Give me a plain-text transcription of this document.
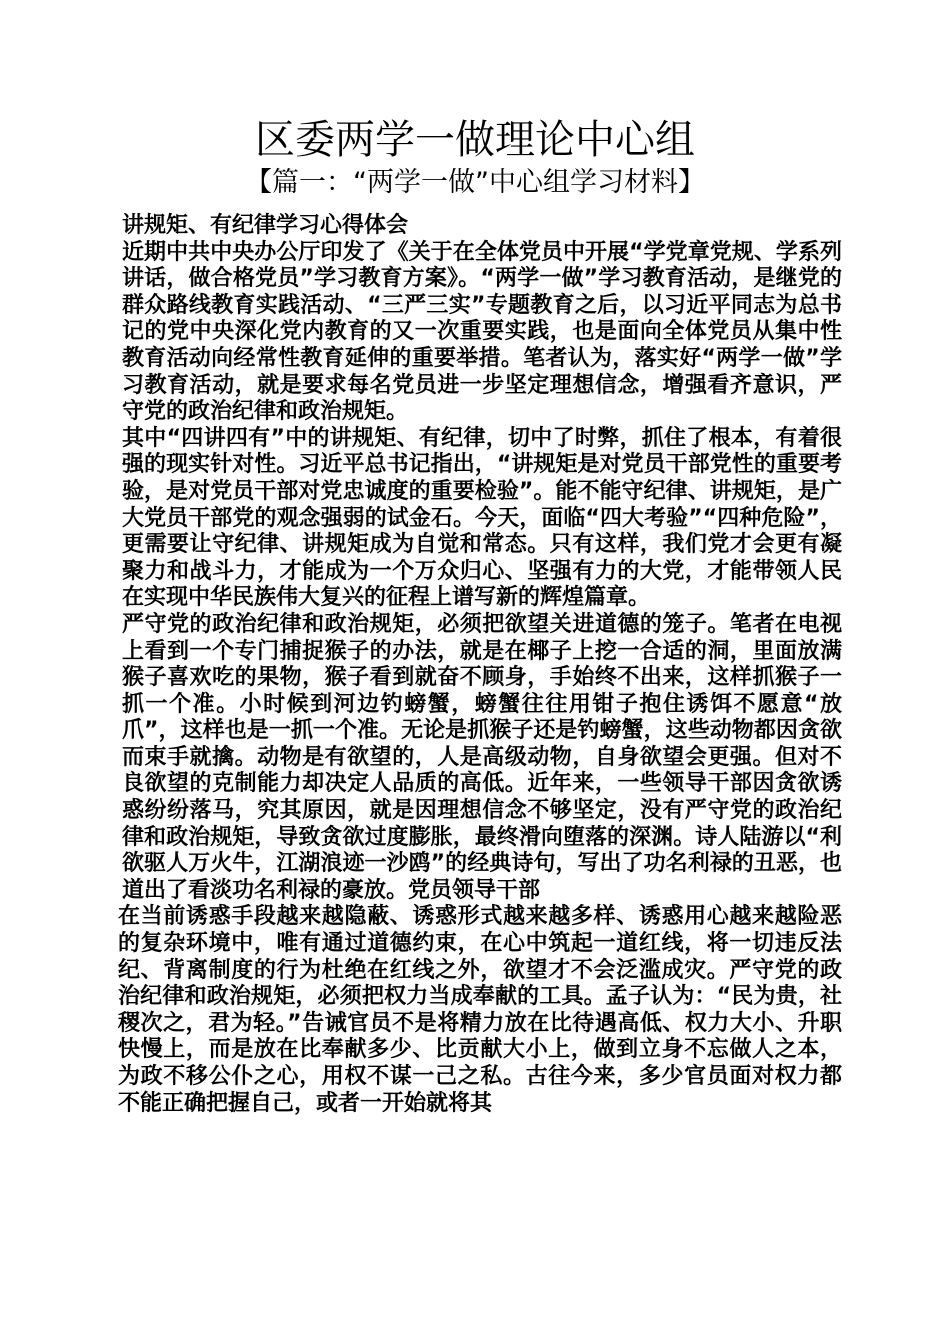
区委两学一做理论中心组
【篇一：“两学一做”中心组学习材料】

讲规矩、有纪律学习心得体会

近期中共中央办公厅印发了《关于在全体党员中开展“学党章党规、学系列讲话，做合格党员”学习教育方案》。“两学一做”学习教育活动，是继党的群众路线教育实践活动、“三严三实”专题教育之后，以习近平同志为总书记的党中央深化党内教育的又一次重要实践，也是面向全体党员从集中性教育活动向经常性教育延伸的重要举措。笔者认为，落实好“两学一做”学习教育活动，就是要求每名党员进一步坚定理想信念，增强看齐意识，严守党的政治纪律和政治规矩。

其中“四讲四有”中的讲规矩、有纪律，切中了时弊，抓住了根本，有着很强的现实针对性。习近平总书记指出，“讲规矩是对党员干部党性的重要考验，是对党员干部对党忠诚度的重要检验”。能不能守纪律、讲规矩，是广大党员干部党的观念强弱的试金石。今天，面临“四大考验”“四种危险”，更需要让守纪律、讲规矩成为自觉和常态。只有这样，我们党才会更有凝聚力和战斗力，才能成为一个万众归心、坚强有力的大党，才能带领人民在实现中华民族伟大复兴的征程上谱写新的辉煌篇章。

严守党的政治纪律和政治规矩，必须把欲望关进道德的笼子。笔者在电视上看到一个专门捕捉猴子的办法，就是在椰子上挖一合适的洞，里面放满猴子喜欢吃的果物，猴子看到就奋不顾身，手始终不出来，这样抓猴子一抓一个准。小时候到河边钓螃蟹，螃蟹往往用钳子抱住诱饵不愿意“放爪”，这样也是一抓一个准。无论是抓猴子还是钓螃蟹，这些动物都因贪欲而束手就擒。动物是有欲望的，人是高级动物，自身欲望会更强。但对不良欲望的克制能力却决定人品质的高低。近年来，一些领导干部因贪欲诱惑纷纷落马，究其原因，就是因理想信念不够坚定，没有严守党的政治纪律和政治规矩，导致贪欲过度膨胀，最终滑向堕落的深渊。诗人陆游以“利欲驱人万火牛，江湖浪迹一沙鸥”的经典诗句，写出了功名利禄的丑恶，也道出了看淡功名利禄的豪放。党员领导干部

在当前诱惑手段越来越隐蔽、诱惑形式越来越多样、诱惑用心越来越险恶的复杂环境中，唯有通过道德约束，在心中筑起一道红线，将一切违反法纪、背离制度的行为杜绝在红线之外，欲望才不会泛滥成灾。严守党的政治纪律和政治规矩，必须把权力当成奉献的工具。孟子认为：“民为贵，社稷次之，君为轻。”告诫官员不是将精力放在比待遇高低、权力大小、升职快慢上，而是放在比奉献多少、比贡献大小上，做到立身不忘做人之本，为政不移公仆之心，用权不谋一己之私。古往今来，多少官员面对权力都不能正确把握自己，或者一开始就将其
